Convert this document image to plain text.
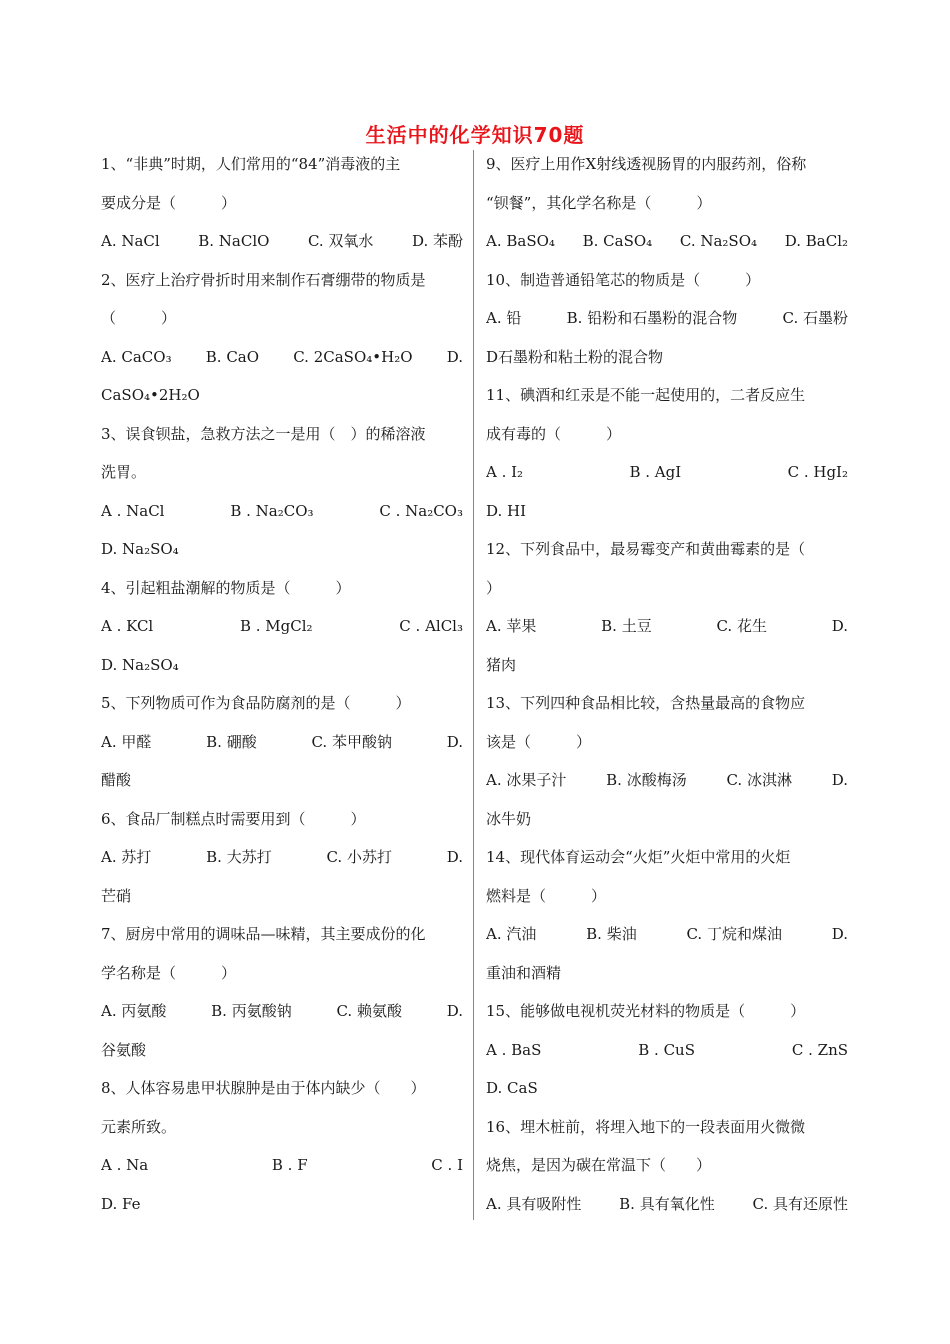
生活中的化学知识70题
1、“非典”时期，人们常用的“84”消毒液的主
要成分是（　　　）
A. NaCl	B. NaClO	C. 双氧水	D. 苯酚
2、医疗上治疗骨折时用来制作石膏绷带的物质是
（　　　）
A. CaCO₃ B. CaO C. 2CaSO₄•H₂O D.
CaSO₄•2H₂O
3、误食钡盐，急救方法之一是用（　）的稀溶液
洗胃。
A . NaCl	B . Na₂CO₃	C . Na₂CO₃
D. Na₂SO₄
4、引起粗盐潮解的物质是（　　　）
A . KCl	B . MgCl₂	C . AlCl₃
D. Na₂SO₄
5、下列物质可作为食品防腐剂的是（　　　）
A. 甲醛	B. 硼酸	C. 苯甲酸钠	D.
醋酸
6、食品厂制糕点时需要用到（　　　）
A. 苏打	B. 大苏打	C. 小苏打	D.
芒硝
7、厨房中常用的调味品—味精，其主要成份的化
学名称是（　　　）
A. 丙氨酸	B. 丙氨酸钠	C. 赖氨酸	D.
谷氨酸
8、人体容易患甲状腺肿是由于体内缺少（　　）
元素所致。
A . Na	B . F	C . I
D. Fe
9、医疗上用作X射线透视肠胃的内服药剂，俗称
“钡餐”，其化学名称是（　　　）
A. BaSO₄ B. CaSO₄ C. Na₂SO₄ D. BaCl₂
10、制造普通铅笔芯的物质是（　　　）
A. 铅	B. 铅粉和石墨粉的混合物	C. 石墨粉
D石墨粉和粘土粉的混合物
11、碘酒和红汞是不能一起使用的，二者反应生
成有毒的（　　　）
A . I₂	B . AgI	C . HgI₂
D. HI
12、下列食品中，最易霉变产和黄曲霉素的是（
）
A. 苹果	B. 土豆	C. 花生	D.
猪肉
13、下列四种食品相比较，含热量最高的食物应
该是（　　　）
A. 冰果子汁	B. 冰酸梅汤	C. 冰淇淋	D.
冰牛奶
14、现代体育运动会“火炬”火炬中常用的火炬
燃料是（　　　）
A. 汽油	B. 柴油	C. 丁烷和煤油	D.
重油和酒精
15、能够做电视机荧光材料的物质是（　　　）
A . BaS	B . CuS	C . ZnS
D. CaS
16、埋木桩前，将埋入地下的一段表面用火微微
烧焦，是因为碳在常温下（　　）
A. 具有吸附性	B. 具有氧化性	C. 具有还原性
